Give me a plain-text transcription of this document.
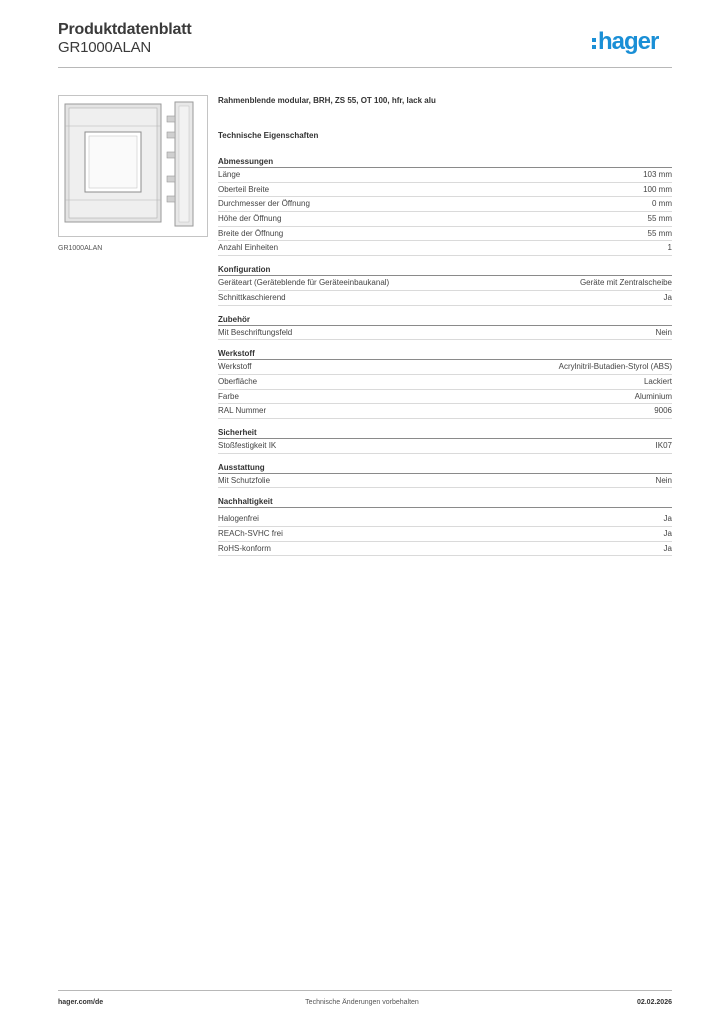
Produktdatenblatt
GR1000ALAN	hager
GR1000ALAN
Rahmenblende modular, BRH, ZS 55, OT 100, hfr, lack alu
Technische Eigenschaften
Abmessungen
Länge	103 mm
Oberteil Breite	100 mm
Durchmesser der Öffnung	0 mm
Höhe der Öffnung	55 mm
Breite der Öffnung	55 mm
Anzahl Einheiten	1
Konfiguration
Geräteart (Geräteblende für Geräteeinbaukanal)	Geräte mit Zentralscheibe
Schnittkaschierend	Ja
Zubehör
Mit Beschriftungsfeld	Nein
Werkstoff
Werkstoff	Acrylnitril-Butadien-Styrol (ABS)
Oberfläche	Lackiert
Farbe	Aluminium
RAL Nummer	9006
Sicherheit
Stoßfestigkeit IK	IK07
Ausstattung
Mit Schutzfolie	Nein
Nachhaltigkeit
Halogenfrei	Ja
REACh-SVHC frei	Ja
RoHS-konform	Ja
hager.com/de	Technische Änderungen vorbehalten	02.02.2026
